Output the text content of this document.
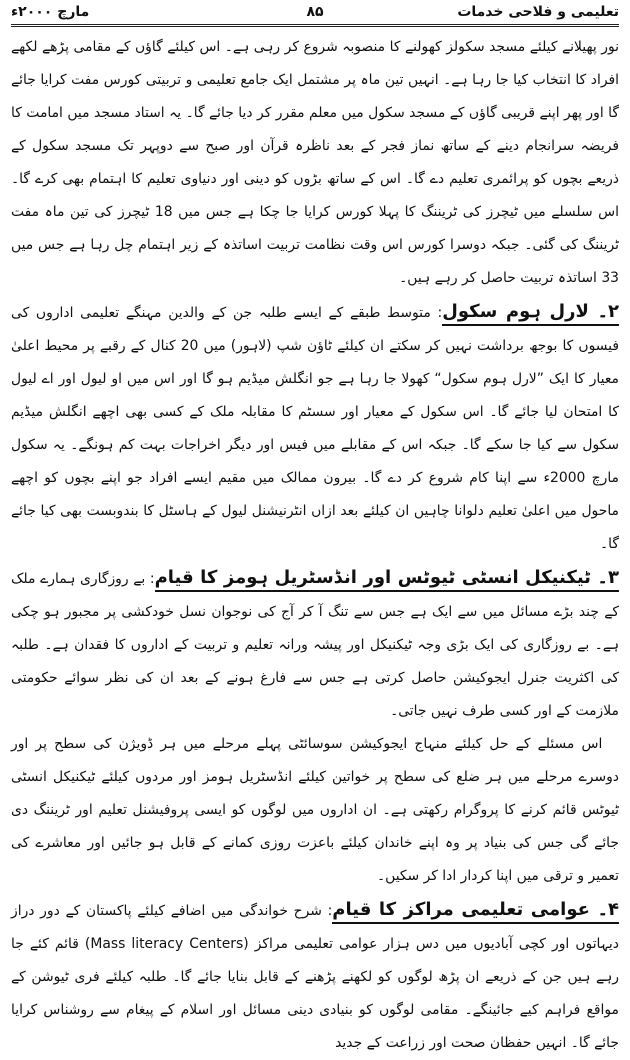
تعلیمی و فلاحی خدمات
۸۵
مارچ ۲۰۰۰ء

نور پھیلانے کیلئے مسجد سکولز کھولنے کا منصوبہ شروع کر رہی ہے۔ اس کیلئے گاؤں کے مقامی پڑھے لکھے افراد کا انتخاب کیا جا رہا ہے۔ انہیں تین ماہ پر مشتمل ایک جامع تعلیمی و تربیتی کورس مفت کرایا جائے گا اور پھر اپنے قریبی گاؤں کے مسجد سکول میں معلم مقرر کر دیا جائے گا۔ یہ استاد مسجد میں امامت کا فریضہ سرانجام دینے کے ساتھ نماز فجر کے بعد ناظرہ قرآن اور صبح سے دوپہر تک مسجد سکول کے ذریعے بچوں کو پرائمری تعلیم دے گا۔ اس کے ساتھ بڑوں کو دینی اور دنیاوی تعلیم کا اہتمام بھی کرے گا۔ اس سلسلے میں ٹیچرز کی ٹریننگ کا پہلا کورس کرایا جا چکا ہے جس میں 18 ٹیچرز کی تین ماہ مفت ٹریننگ کی گئی۔ جبکہ دوسرا کورس اس وقت نظامت تربیت اساتذہ کے زیر اہتمام چل رہا ہے جس میں 33 اساتذہ تربیت حاصل کر رہے ہیں۔

۲۔ لارل ہوم سکول: متوسط طبقے کے ایسے طلبہ جن کے والدین مہنگے تعلیمی اداروں کی فیسوں کا بوجھ برداشت نہیں کر سکتے ان کیلئے ٹاؤن شپ (لاہور) میں 20 کنال کے رقبے پر محیط اعلیٰ معیار کا ایک ”لارل ہوم سکول“ کھولا جا رہا ہے جو انگلش میڈیم ہو گا اور اس میں او لیول اور اے لیول کا امتحان لیا جائے گا۔ اس سکول کے معیار اور سسٹم کا مقابلہ ملک کے کسی بھی اچھے انگلش میڈیم سکول سے کیا جا سکے گا۔ جبکہ اس کے مقابلے میں فیس اور دیگر اخراجات بہت کم ہونگے۔ یہ سکول مارچ 2000ء سے اپنا کام شروع کر دے گا۔ بیرون ممالک میں مقیم ایسے افراد جو اپنے بچوں کو اچھے ماحول میں اعلیٰ تعلیم دلوانا چاہیں ان کیلئے بعد ازاں انٹرنیشنل لیول کے ہاسٹل کا بندوبست بھی کیا جائے گا۔

۳۔ ٹیکنیکل انسٹی ٹیوٹس اور انڈسٹریل ہومز کا قیام: بے روزگاری ہمارے ملک کے چند بڑے مسائل میں سے ایک ہے جس سے تنگ آ کر آج کی نوجوان نسل خودکشی پر مجبور ہو چکی ہے۔ بے روزگاری کی ایک بڑی وجہ ٹیکنیکل اور پیشہ ورانہ تعلیم و تربیت کے اداروں کا فقدان ہے۔ طلبہ کی اکثریت جنرل ایجوکیشن حاصل کرتی ہے جس سے فارغ ہونے کے بعد ان کی نظر سوائے حکومتی ملازمت کے اور کسی طرف نہیں جاتی۔

اس مسئلے کے حل کیلئے منہاج ایجوکیشن سوسائٹی پہلے مرحلے میں ہر ڈویژن کی سطح پر اور دوسرے مرحلے میں ہر ضلع کی سطح پر خواتین کیلئے انڈسٹریل ہومز اور مردوں کیلئے ٹیکنیکل انسٹی ٹیوٹس قائم کرنے کا پروگرام رکھتی ہے۔ ان اداروں میں لوگوں کو ایسی پروفیشنل تعلیم اور ٹریننگ دی جائے گی جس کی بنیاد پر وہ اپنے خاندان کیلئے باعزت روزی کمانے کے قابل ہو جائیں اور معاشرے کی تعمیر و ترقی میں اپنا کردار ادا کر سکیں۔

۴۔ عوامی تعلیمی مراکز کا قیام: شرح خواندگی میں اضافے کیلئے پاکستان کے دور دراز دیہاتوں اور کچی آبادیوں میں دس ہزار عوامی تعلیمی مراکز (Mass literacy Centers) قائم کئے جا رہے ہیں جن کے ذریعے ان پڑھ لوگوں کو لکھنے پڑھنے کے قابل بنایا جائے گا۔ طلبہ کیلئے فری ٹیوشن کے مواقع فراہم کیے جائینگے۔ مقامی لوگوں کو بنیادی دینی مسائل اور اسلام کے پیغام سے روشناس کرایا جائے گا۔ انہیں حفظان صحت اور زراعت کے جدید
